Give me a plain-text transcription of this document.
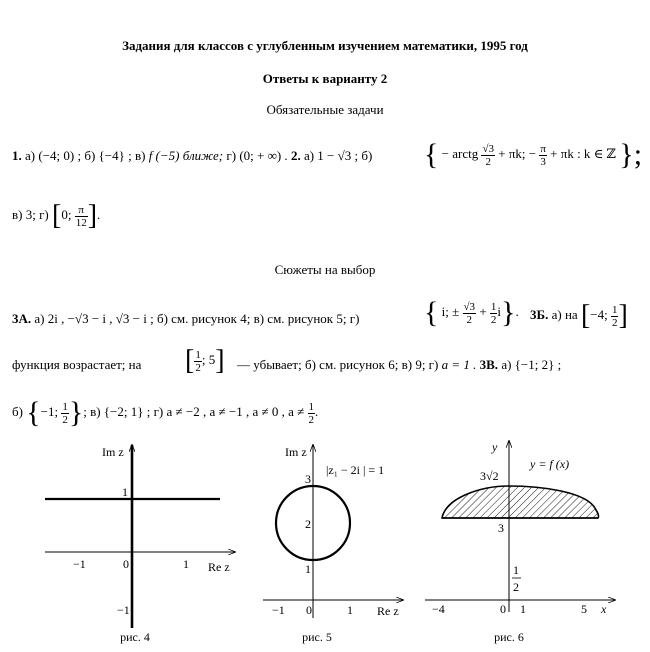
Задания для классов с углубленным изучением математики, 1995 год
Ответы к варианту 2
Обязательные задачи
1. а) (−4; 0) ; б) {−4} ; в) f (−5) ближе; г) (0; + ∞) . 2. а) 1 − √3 ; б)	{ − arctg $\frac{√3}{2} + \pi k$; − $\frac{\pi}{3} + \pi k$ : k ∈ ℤ };
в) 3; г) [0; $\frac{\pi}{12}$ ].
Сюжеты на выбор
3А. а) 2i , −√3 − i , √3 − i ; б) см. рисунок 4; в) см. рисунок 5; г)	{ i; ± $\frac{√3}{2} + \frac{1}{2} i$}. 3Б. а) на [−4; $\frac{1}{2}$ ]
функция возрастает; на	[ $\frac{1}{2}$ ; 5] — убывает; б) см. рисунок 6; в) 9; г) a = 1 . 3В. а) {−1; 2} ;
б) {−1; $\frac{1}{2}$ }; в) {−2; 1} ; г) a ≠ −2 , a ≠ −1 , a ≠ 0 , $a \ne \frac{1}{2}$ .
Im z
Re z
1
−1	0	1
−1
Im z
Re z
|z₁ − 2i | = 1
3
2
1
−1 0	1
y
x
y = f (x)
3√2
3
1
2
−4	0 1	5
рис. 4	рис. 5	рис. 6
